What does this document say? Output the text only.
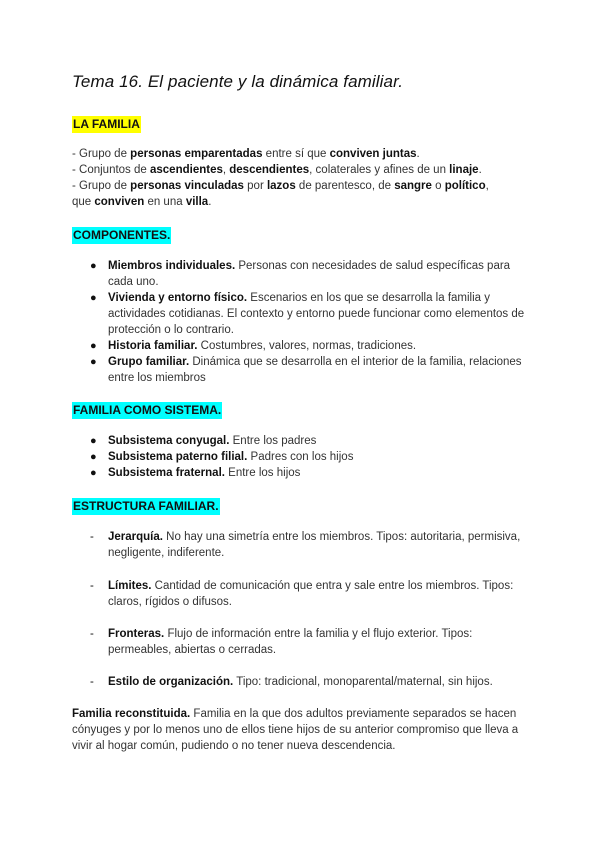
Tema 16. El paciente y la dinámica familiar.
LA FAMILIA
- Grupo de personas emparentadas entre sí que conviven juntas.
- Conjuntos de ascendientes, descendientes, colaterales y afines de un linaje.
- Grupo de personas vinculadas por lazos de parentesco, de sangre o político,
que conviven en una villa.
COMPONENTES.
● Miembros individuales. Personas con necesidades de salud específicas para cada uno.
● Vivienda y entorno físico. Escenarios en los que se desarrolla la familia y actividades cotidianas. El contexto y entorno puede funcionar como elementos de protección o lo contrario.
● Historia familiar. Costumbres, valores, normas, tradiciones.
● Grupo familiar. Dinámica que se desarrolla en el interior de la familia, relaciones entre los miembros
FAMILIA COMO SISTEMA.
● Subsistema conyugal. Entre los padres
● Subsistema paterno filial. Padres con los hijos
● Subsistema fraternal. Entre los hijos
ESTRUCTURA FAMILIAR.
- Jerarquía. No hay una simetría entre los miembros. Tipos: autoritaria, permisiva, negligente, indiferente.
- Límites. Cantidad de comunicación que entra y sale entre los miembros. Tipos: claros, rígidos o difusos.
- Fronteras. Flujo de información entre la familia y el flujo exterior. Tipos: permeables, abiertas o cerradas.
- Estilo de organización. Tipo: tradicional, monoparental/maternal, sin hijos.
Familia reconstituida. Familia en la que dos adultos previamente separados se hacen cónyuges y por lo menos uno de ellos tiene hijos de su anterior compromiso que lleva a vivir al hogar común, pudiendo o no tener nueva descendencia.
